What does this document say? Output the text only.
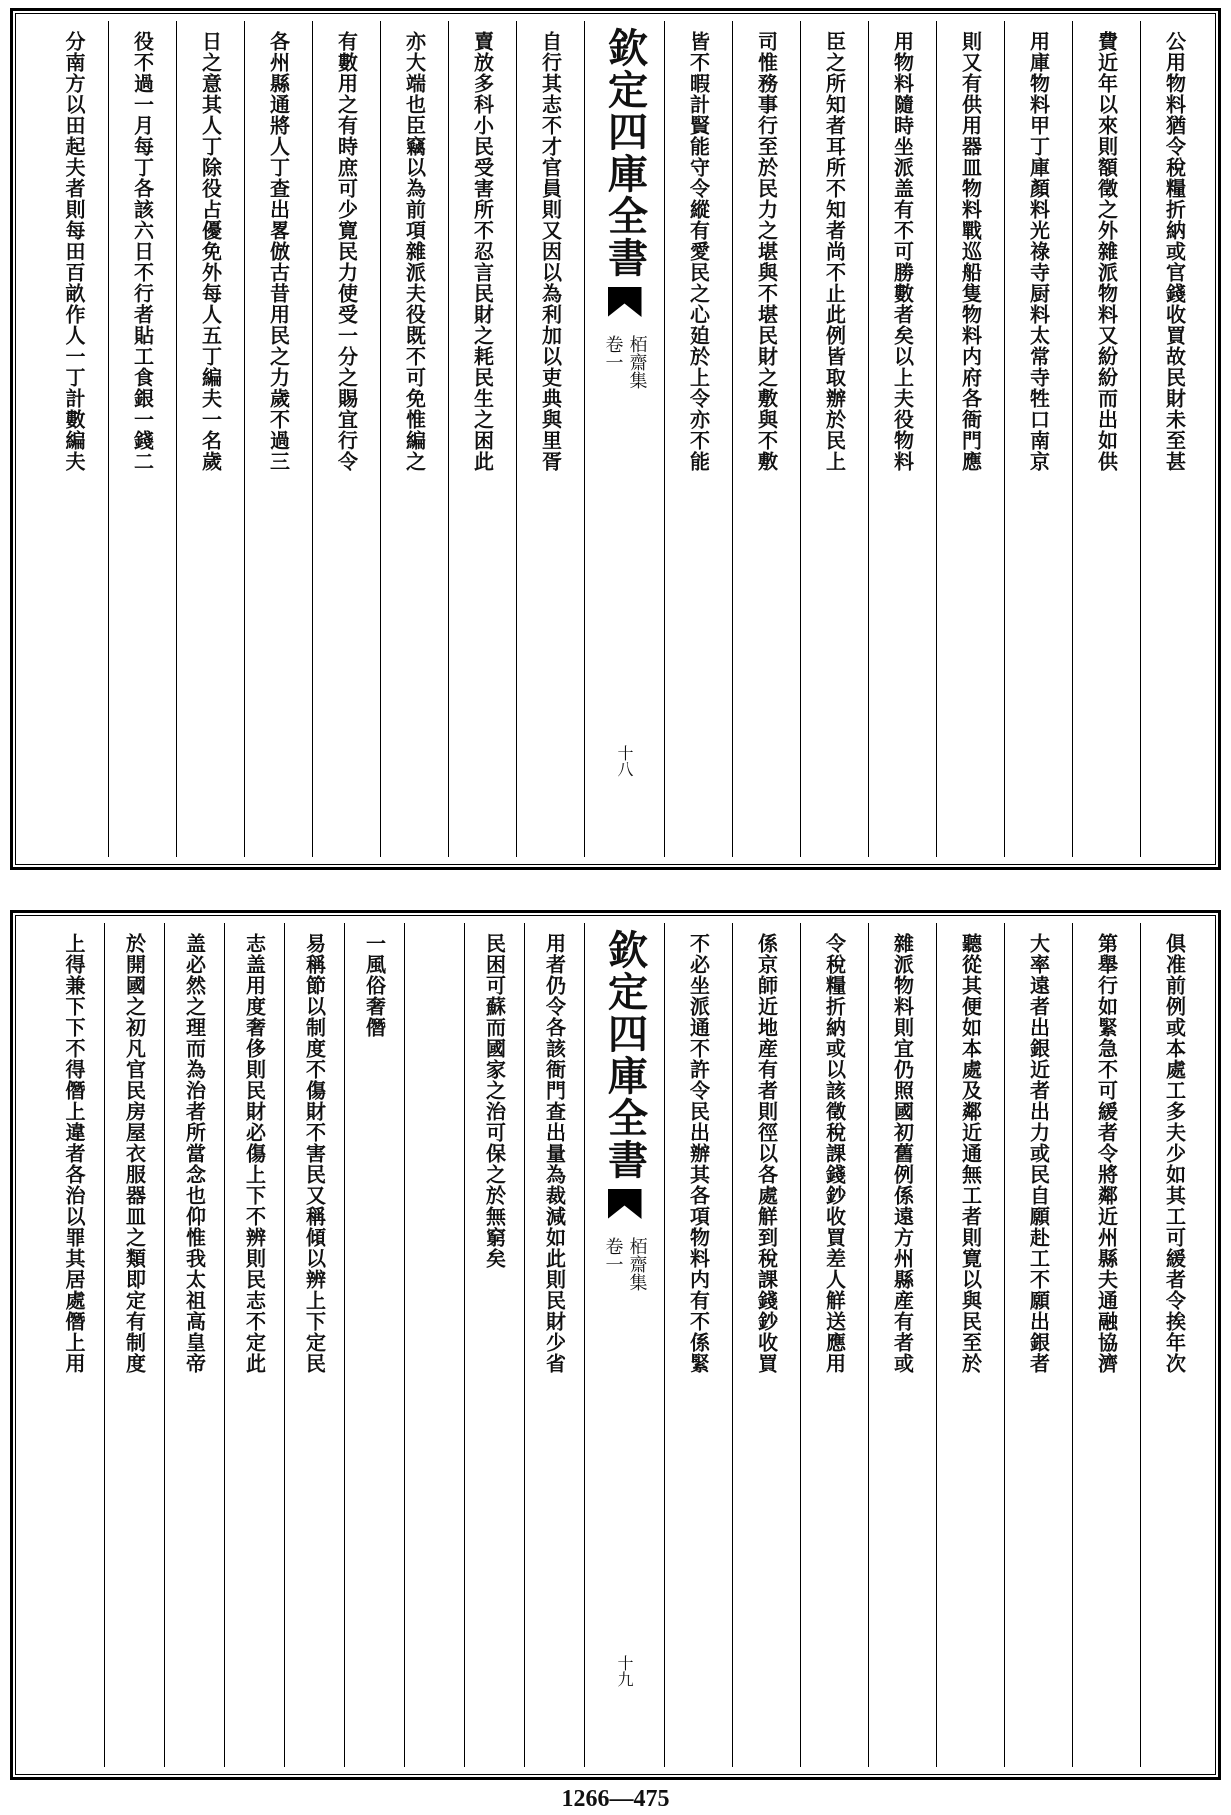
公用物料猶令稅糧折納或官錢收買故民財未至甚
費近年以來則額徵之外雜派物料又紛紛而出如供
用庫物料甲丁庫顏料光祿寺厨料太常寺牲口南京
則又有供用器皿物料戰巡船隻物料内府各衙門應
用物料隨時坐派盖有不可勝數者矣以上夫役物料
臣之所知者耳所不知者尚不止此例皆取辦於民上
司惟務事行至於民力之堪與不堪民財之敷與不敷
皆不暇計賢能守令縱有愛民之心廹於上令亦不能
欽定四庫全書
栢齋集
卷一
十八
自行其志不才官員則又因以為利加以吏典與里胥
賣放多科小民受害所不忍言民財之耗民生之困此
亦大端也臣竊以為前項雜派夫役既不可免惟編之
有數用之有時庶可少寛民力使受一分之賜宜行令
各州縣通將人丁查出畧倣古昔用民之力歲不過三
日之意其人丁除役占優免外每人五丁編夫一名歲
役不過一月每丁各該六日不行者貼工食銀一錢二
分南方以田起夫者則每田百畝作人一丁計數編夫
俱准前例或本處工多夫少如其工可緩者令挨年次
第舉行如緊急不可緩者令將鄰近州縣夫通融協濟
大率遠者出銀近者出力或民自願赴工不願出銀者
聽從其便如本處及鄰近通無工者則寛以與民至於
雜派物料則宜仍照國初舊例係遠方州縣産有者或
令稅糧折納或以該徵稅課錢鈔收買差人觧送應用
係京師近地産有者則徑以各處觧到稅課錢鈔收買
不必坐派通不許令民出辦其各項物料内有不係緊
欽定四庫全書
栢齋集
卷一
十九
用者仍令各該衙門查出量為裁減如此則民財少省
民困可蘇而國家之治可保之於無窮矣
一風俗奢僭
易稱節以制度不傷財不害民又稱傾以辨上下定民
志盖用度奢侈則民財必傷上下不辨則民志不定此
盖必然之理而為治者所當念也仰惟我太祖高皇帝
於開國之初凡官民房屋衣服器皿之類即定有制度
上得兼下下不得僭上違者各治以罪其居處僭上用
1266—475
